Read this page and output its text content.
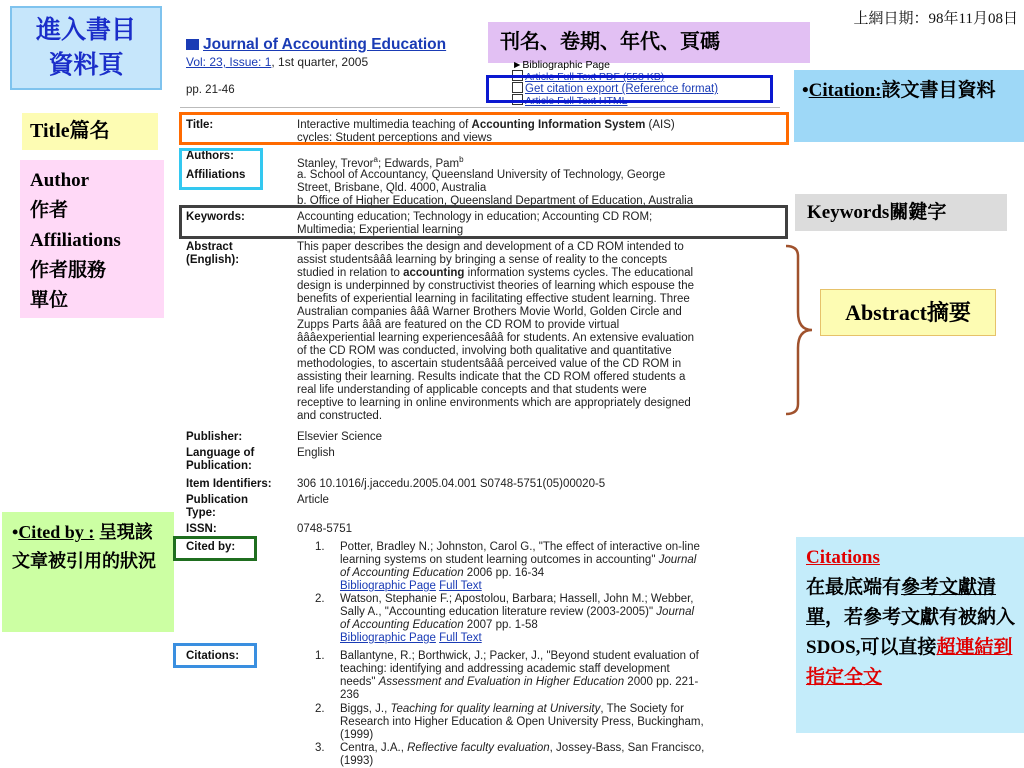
上網日期：98年11月08日
進入書目
資料頁
Title篇名
Author
作者
Affiliations
作者服務
單位
•Cited by : 呈現該文章被引用的狀況
刊名、卷期、年代、頁碼
•Citation:該文書目資料
Keywords關鍵字
Abstract摘要
Citations
在最底端有參考文獻清單，若參考文獻有被納入SDOS,可以直接超連結到指定全文
Journal of Accounting Education
Vol: 23, Issue: 1, 1st quarter, 2005
pp. 21-46
►Bibliographic Page
Article Full Text PDF (558 KB)
Get citation export (Reference format)
Article Full Text HTML
Title:	Interactive multimedia teaching of Accounting Information System (AIS)
cycles: Student perceptions and views
Authors:
Stanley, Trevor$^a$; Edwards, Pam$^b$
Affiliations	a. School of Accountancy, Queensland University of Technology, George
Street, Brisbane, Qld. 4000, Australia
b. Office of Higher Education, Queensland Department of Education, Australia
Keywords:	Accounting education; Technology in education; Accounting CD ROM;
Multimedia; Experiential learning
Abstract
(English):
This paper describes the design and development of a CD ROM intended to
assist studentsâââ learning by bringing a sense of reality to the concepts
studied in relation to accounting information systems cycles. The educational
design is underpinned by constructivist theories of learning which espouse the
benefits of experiential learning in facilitating effective student learning. Three
Australian companies âââ Warner Brothers Movie World, Golden Circle and
Zupps Parts âââ are featured on the CD ROM to provide virtual
âââexperiential learning experiencesâââ for students. An extensive evaluation
of the CD ROM was conducted, involving both qualitative and quantitative
methodologies, to ascertain studentsâââ perceived value of the CD ROM in
assisting their learning. Results indicate that the CD ROM offered students a
real life understanding of applicable concepts and that students were
receptive to learning in online environments which are appropriately designed
and constructed.
Publisher:	Elsevier Science
Language of
Publication:
English
Item Identifiers: 306 10.1016/j.jaccedu.2005.04.001 S0748-5751(05)00020-5
Publication
Type:
Article
ISSN:	0748-5751
Cited by:	1. Potter, Bradley N.; Johnston, Carol G., "The effect of interactive on-line
learning systems on student learning outcomes in accounting" Journal
of Accounting Education 2006 pp. 16-34
Bibliographic Page Full Text
2. Watson, Stephanie F.; Apostolou, Barbara; Hassell, John M.; Webber,
Sally A., "Accounting education literature review (2003-2005)" Journal
of Accounting Education 2007 pp. 1-58
Bibliographic Page Full Text
Citations:	1. Ballantyne, R.; Borthwick, J.; Packer, J., "Beyond student evaluation of
teaching: identifying and addressing academic staff development
needs" Assessment and Evaluation in Higher Education 2000 pp. 221-
236
2. Biggs, J., Teaching for quality learning at University, The Society for
Research into Higher Education & Open University Press, Buckingham,
(1999)
3. Centra, J.A., Reflective faculty evaluation, Jossey-Bass, San Francisco,
(1993)
